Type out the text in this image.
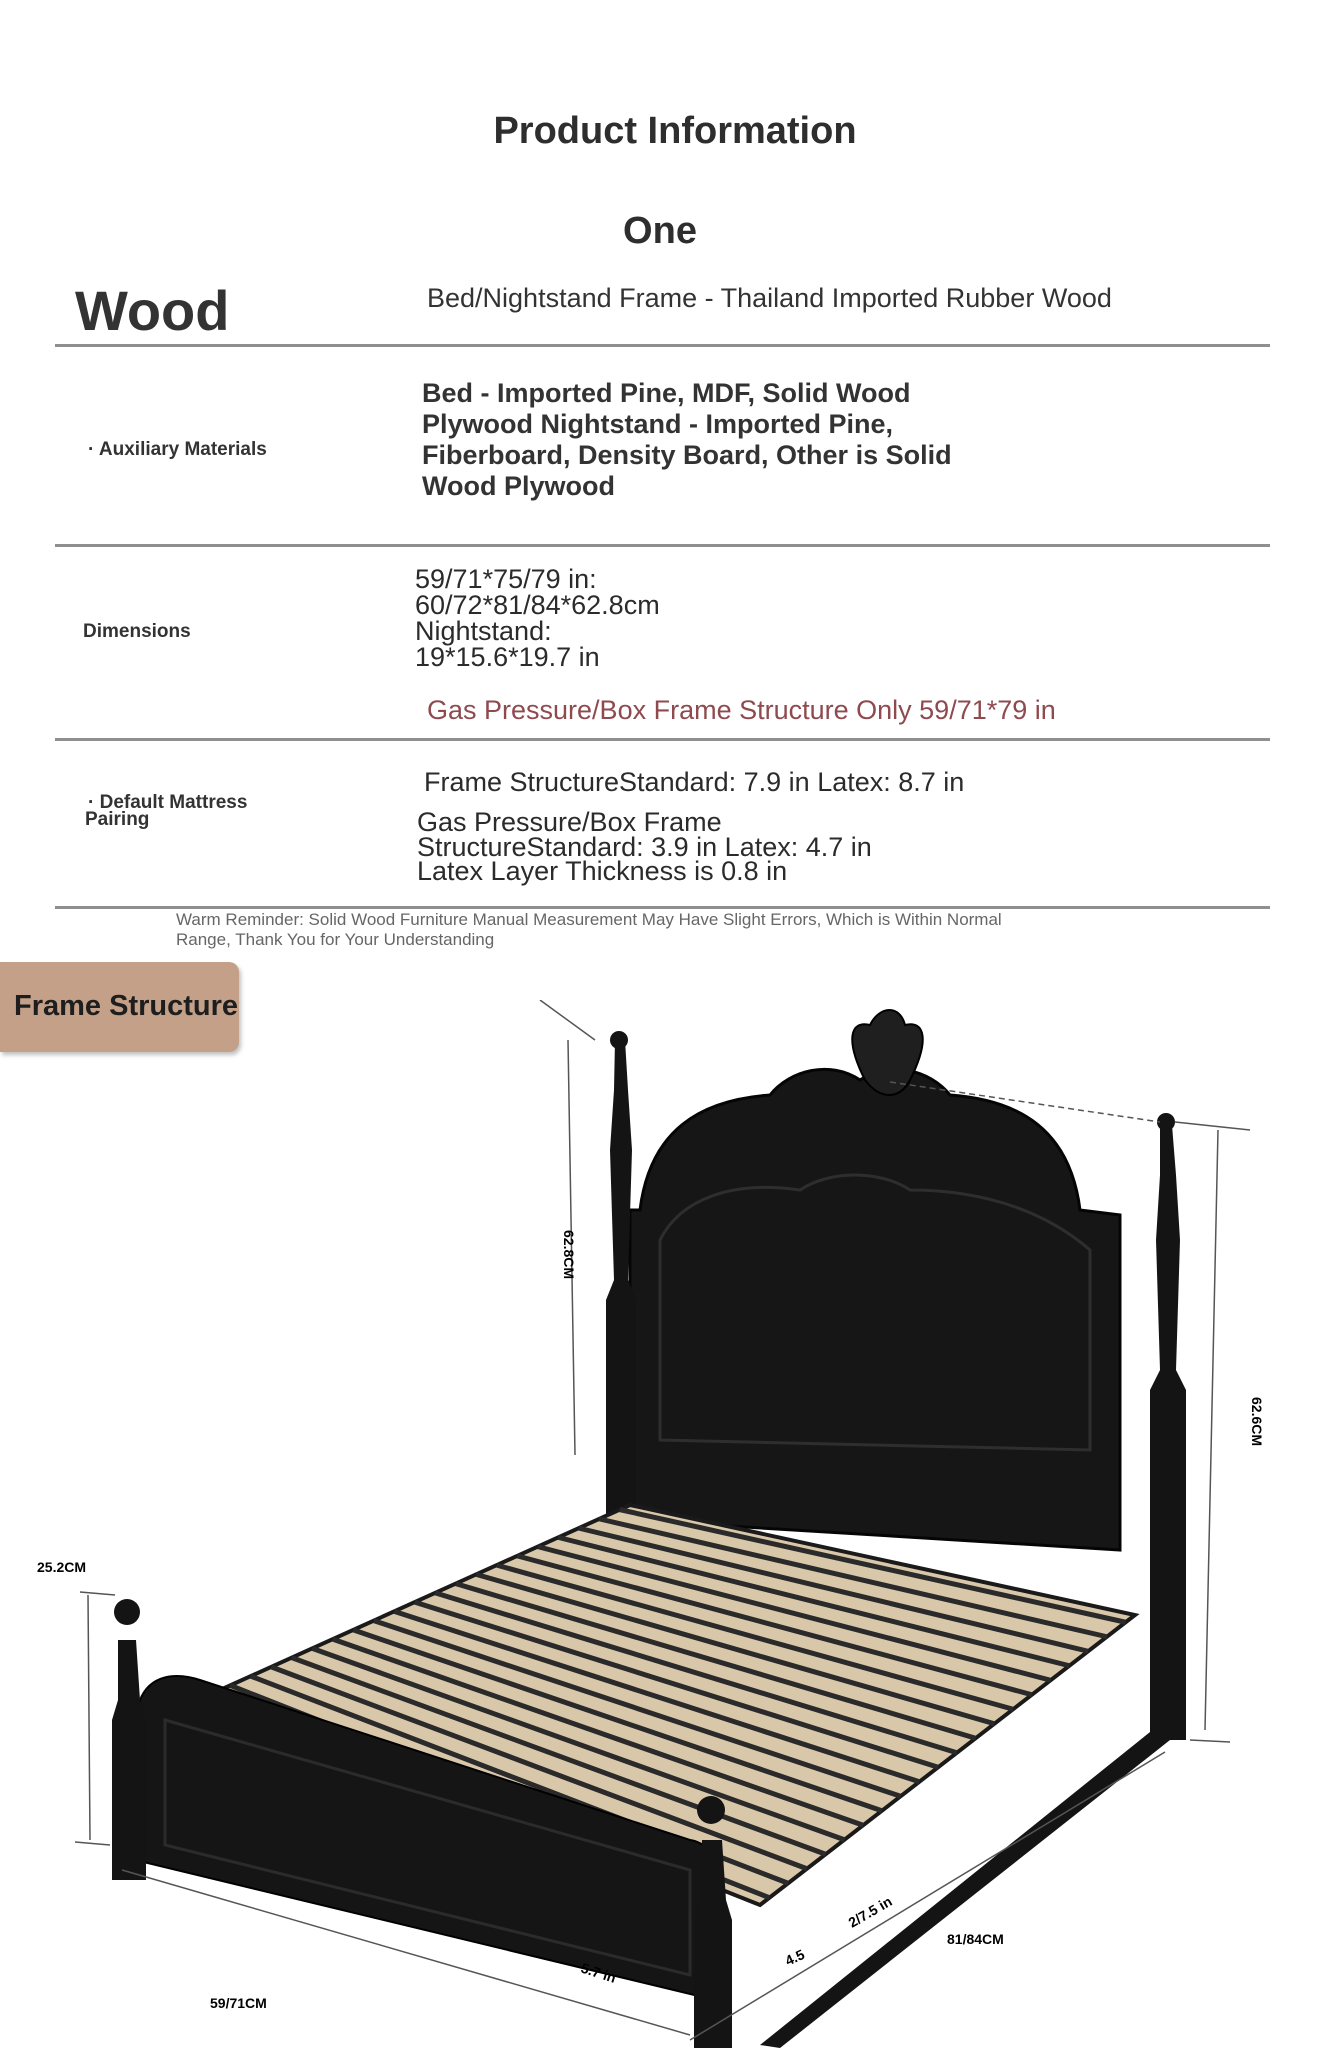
Product Information
One
Wood	Bed/Nightstand Frame - Thailand Imported Rubber Wood
· Auxiliary Materials
Bed - Imported Pine, MDF, Solid Wood
Plywood Nightstand - Imported Pine,
Fiberboard, Density Board, Other is Solid
Wood Plywood
Dimensions
59/71*75/79 in:
60/72*81/84*62.8cm
Nightstand:
19*15.6*19.7 in
Gas Pressure/Box Frame Structure Only 59/71*79 in
· Default Mattress
Pairing
Frame StructureStandard: 7.9 in Latex: 8.7 in
Gas Pressure/Box Frame
StructureStandard: 3.9 in Latex: 4.7 in
Latex Layer Thickness is 0.8 in
Warm Reminder: Solid Wood Furniture Manual Measurement May Have Slight Errors, Which is Within Normal
Range, Thank You for Your Understanding
Frame Structure
62.8CM
62.6CM
25.2CM
59/71CM
81/84CM
5.7 in
2/7.5 in
4.5
